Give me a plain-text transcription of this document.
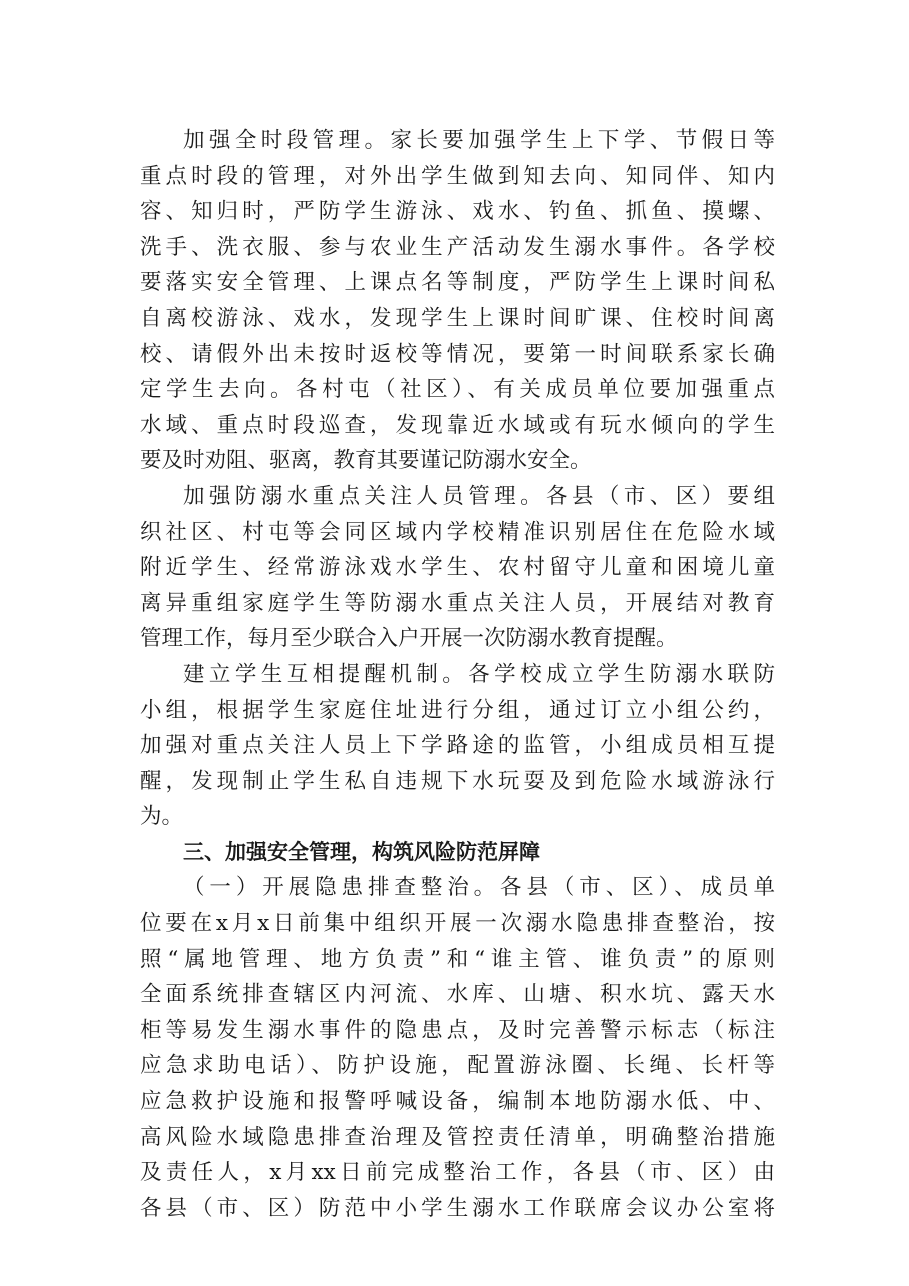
加强全时段管理。家长要加强学生上下学、节假日等
重点时段的管理，对外出学生做到知去向、知同伴、知内
容、知归时，严防学生游泳、戏水、钓鱼、抓鱼、摸螺、
洗手、洗衣服、参与农业生产活动发生溺水事件。各学校
要落实安全管理、上课点名等制度，严防学生上课时间私
自离校游泳、戏水，发现学生上课时间旷课、住校时间离
校、请假外出未按时返校等情况，要第一时间联系家长确
定学生去向。各村屯（社区）、有关成员单位要加强重点
水域、重点时段巡查，发现靠近水域或有玩水倾向的学生
要及时劝阻、驱离，教育其要谨记防溺水安全。
加强防溺水重点关注人员管理。各县（市、区）要组
织社区、村屯等会同区域内学校精准识别居住在危险水域
附近学生、经常游泳戏水学生、农村留守儿童和困境儿童
离异重组家庭学生等防溺水重点关注人员，开展结对教育
管理工作，每月至少联合入户开展一次防溺水教育提醒。
建立学生互相提醒机制。各学校成立学生防溺水联防
小组，根据学生家庭住址进行分组，通过订立小组公约，
加强对重点关注人员上下学路途的监管，小组成员相互提
醒，发现制止学生私自违规下水玩耍及到危险水域游泳行
为。
三、加强安全管理，构筑风险防范屏障
（一）开展隐患排查整治。各县（市、区）、成员单
位要在x月x日前集中组织开展一次溺水隐患排查整治，按
照“属地管理、地方负责”和“谁主管、谁负责”的原则
全面系统排查辖区内河流、水库、山塘、积水坑、露天水
柜等易发生溺水事件的隐患点，及时完善警示标志（标注
应急求助电话）、防护设施，配置游泳圈、长绳、长杆等
应急救护设施和报警呼喊设备，编制本地防溺水低、中、
高风险水域隐患排查治理及管控责任清单，明确整治措施
及责任人，x月xx日前完成整治工作，各县（市、区）由
各县（市、区）防范中小学生溺水工作联席会议办公室将
